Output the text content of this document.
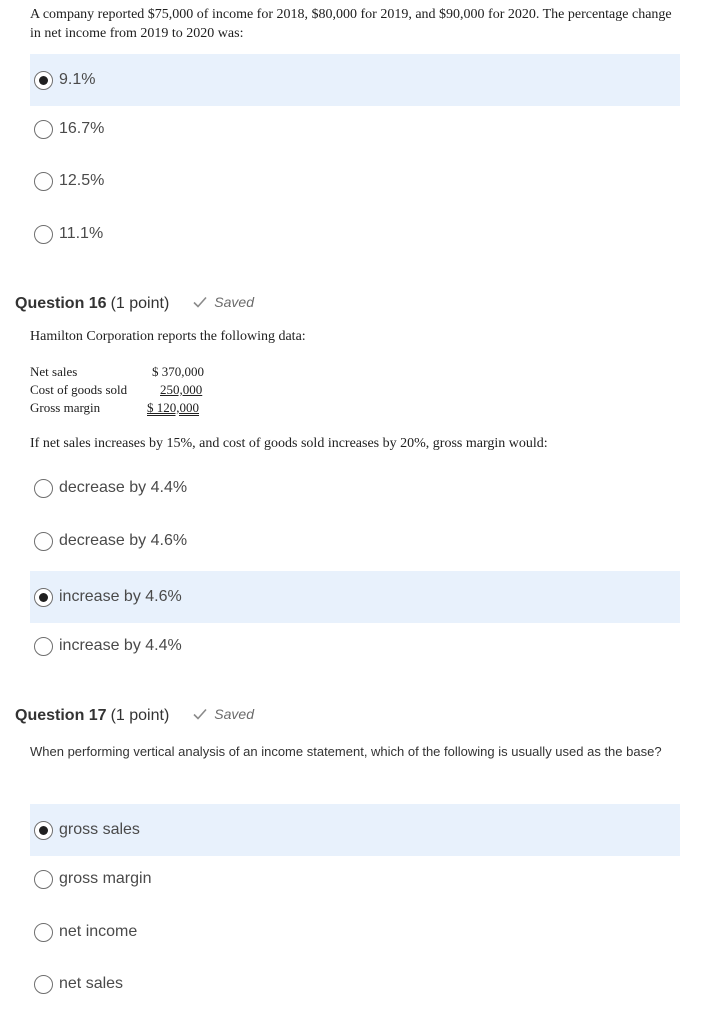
A company reported $75,000 of income for 2018, $80,000 for 2019, and $90,000 for 2020. The percentage change in net income from 2019 to 2020 was:
9.1%
16.7%
12.5%
11.1%
Question 16 (1 point)	Saved
Hamilton Corporation reports the following data:
Net sales	$ 370,000
Cost of goods sold	250,000
Gross margin	$ 120,000
If net sales increases by 15%, and cost of goods sold increases by 20%, gross margin would:
decrease by 4.4%
decrease by 4.6%
increase by 4.6%
increase by 4.4%
Question 17 (1 point)	Saved
When performing vertical analysis of an income statement, which of the following is usually used as the base?
gross sales
gross margin
net income
net sales
